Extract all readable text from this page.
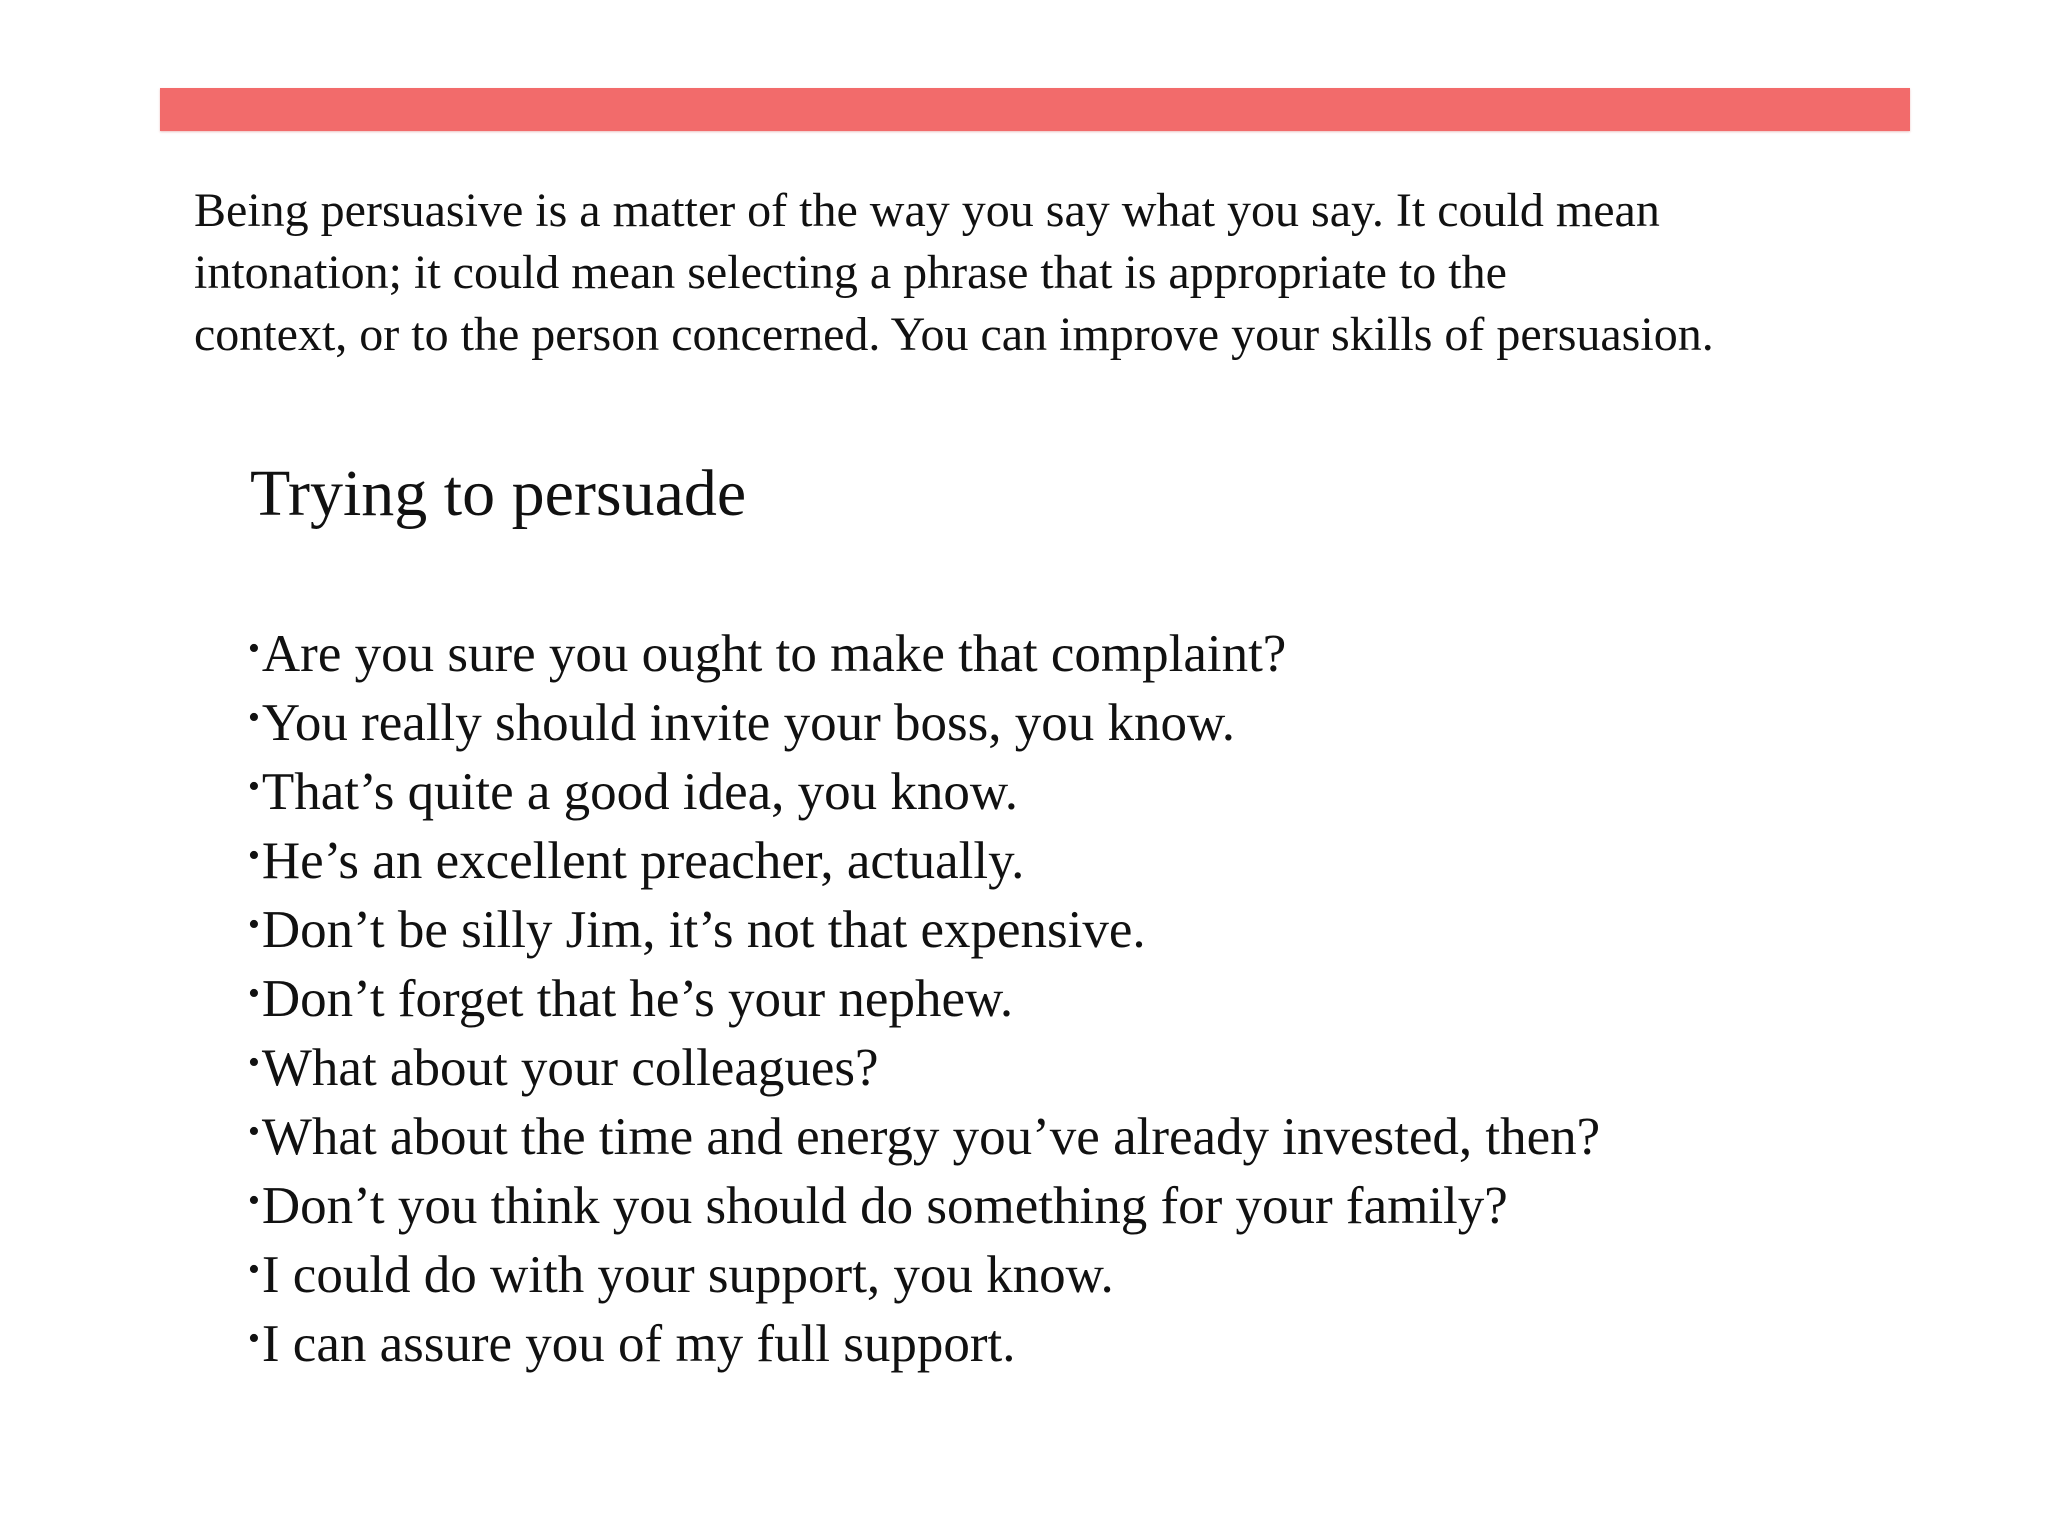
Being persuasive is a matter of the way you say what you say. It could mean
intonation; it could mean selecting a phrase that is appropriate to the
context, or to the person concerned. You can improve your skills of persuasion.

Trying to persuade
• Are you sure you ought to make that complaint?
• You really should invite your boss, you know.
• That’s quite a good idea, you know.
• He’s an excellent preacher, actually.
• Don’t be silly Jim, it’s not that expensive.
• Don’t forget that he’s your nephew.
• What about your colleagues?
• What about the time and energy you’ve already invested, then?
• Don’t you think you should do something for your family?
• I could do with your support, you know.
• I can assure you of my full support.
